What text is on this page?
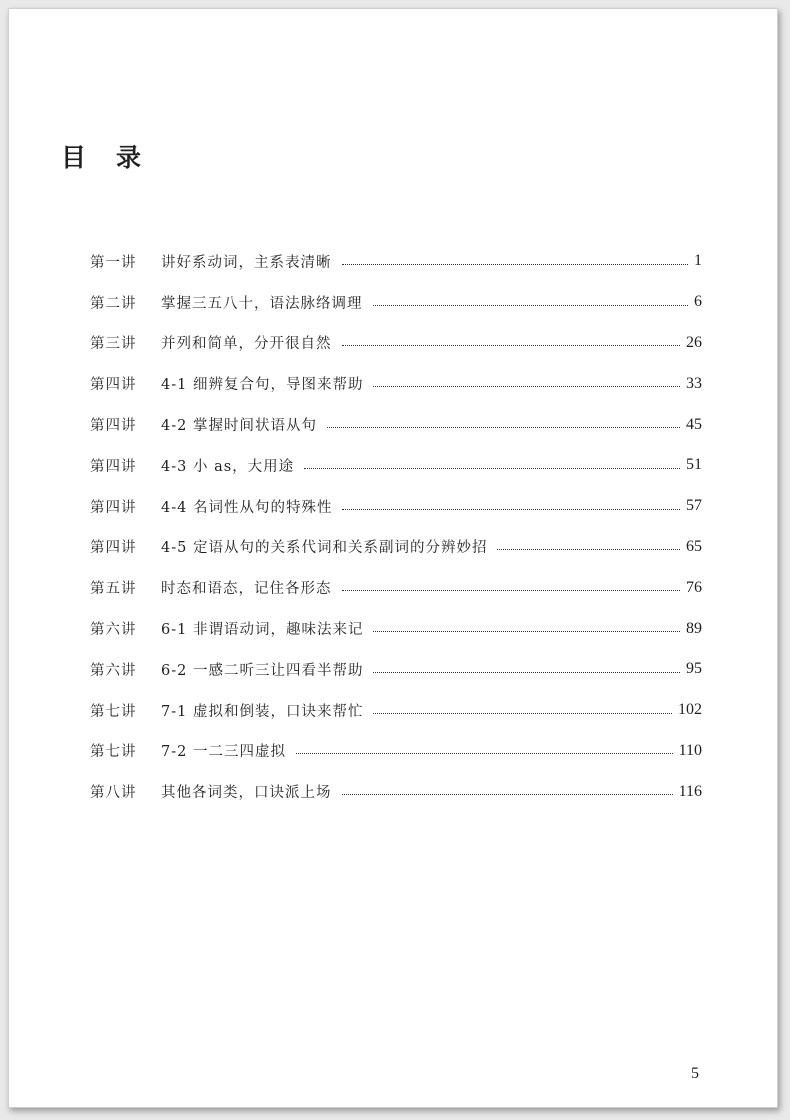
目录
第一讲	讲好系动词，主系表清晰	1
第二讲	掌握三五八十，语法脉络调理	6
第三讲	并列和简单，分开很自然	26
第四讲	4-1 细辨复合句，导图来帮助	33
第四讲	4-2 掌握时间状语从句	45
第四讲	4-3 小 as，大用途	51
第四讲	4-4 名词性从句的特殊性	57
第四讲	4-5 定语从句的关系代词和关系副词的分辨妙招	65
第五讲	时态和语态，记住各形态	76
第六讲	6-1 非谓语动词，趣味法来记	89
第六讲	6-2 一感二听三让四看半帮助	95
第七讲	7-1 虚拟和倒装，口诀来帮忙	102
第七讲	7-2 一二三四虚拟	110
第八讲	其他各词类，口诀派上场	116
5
